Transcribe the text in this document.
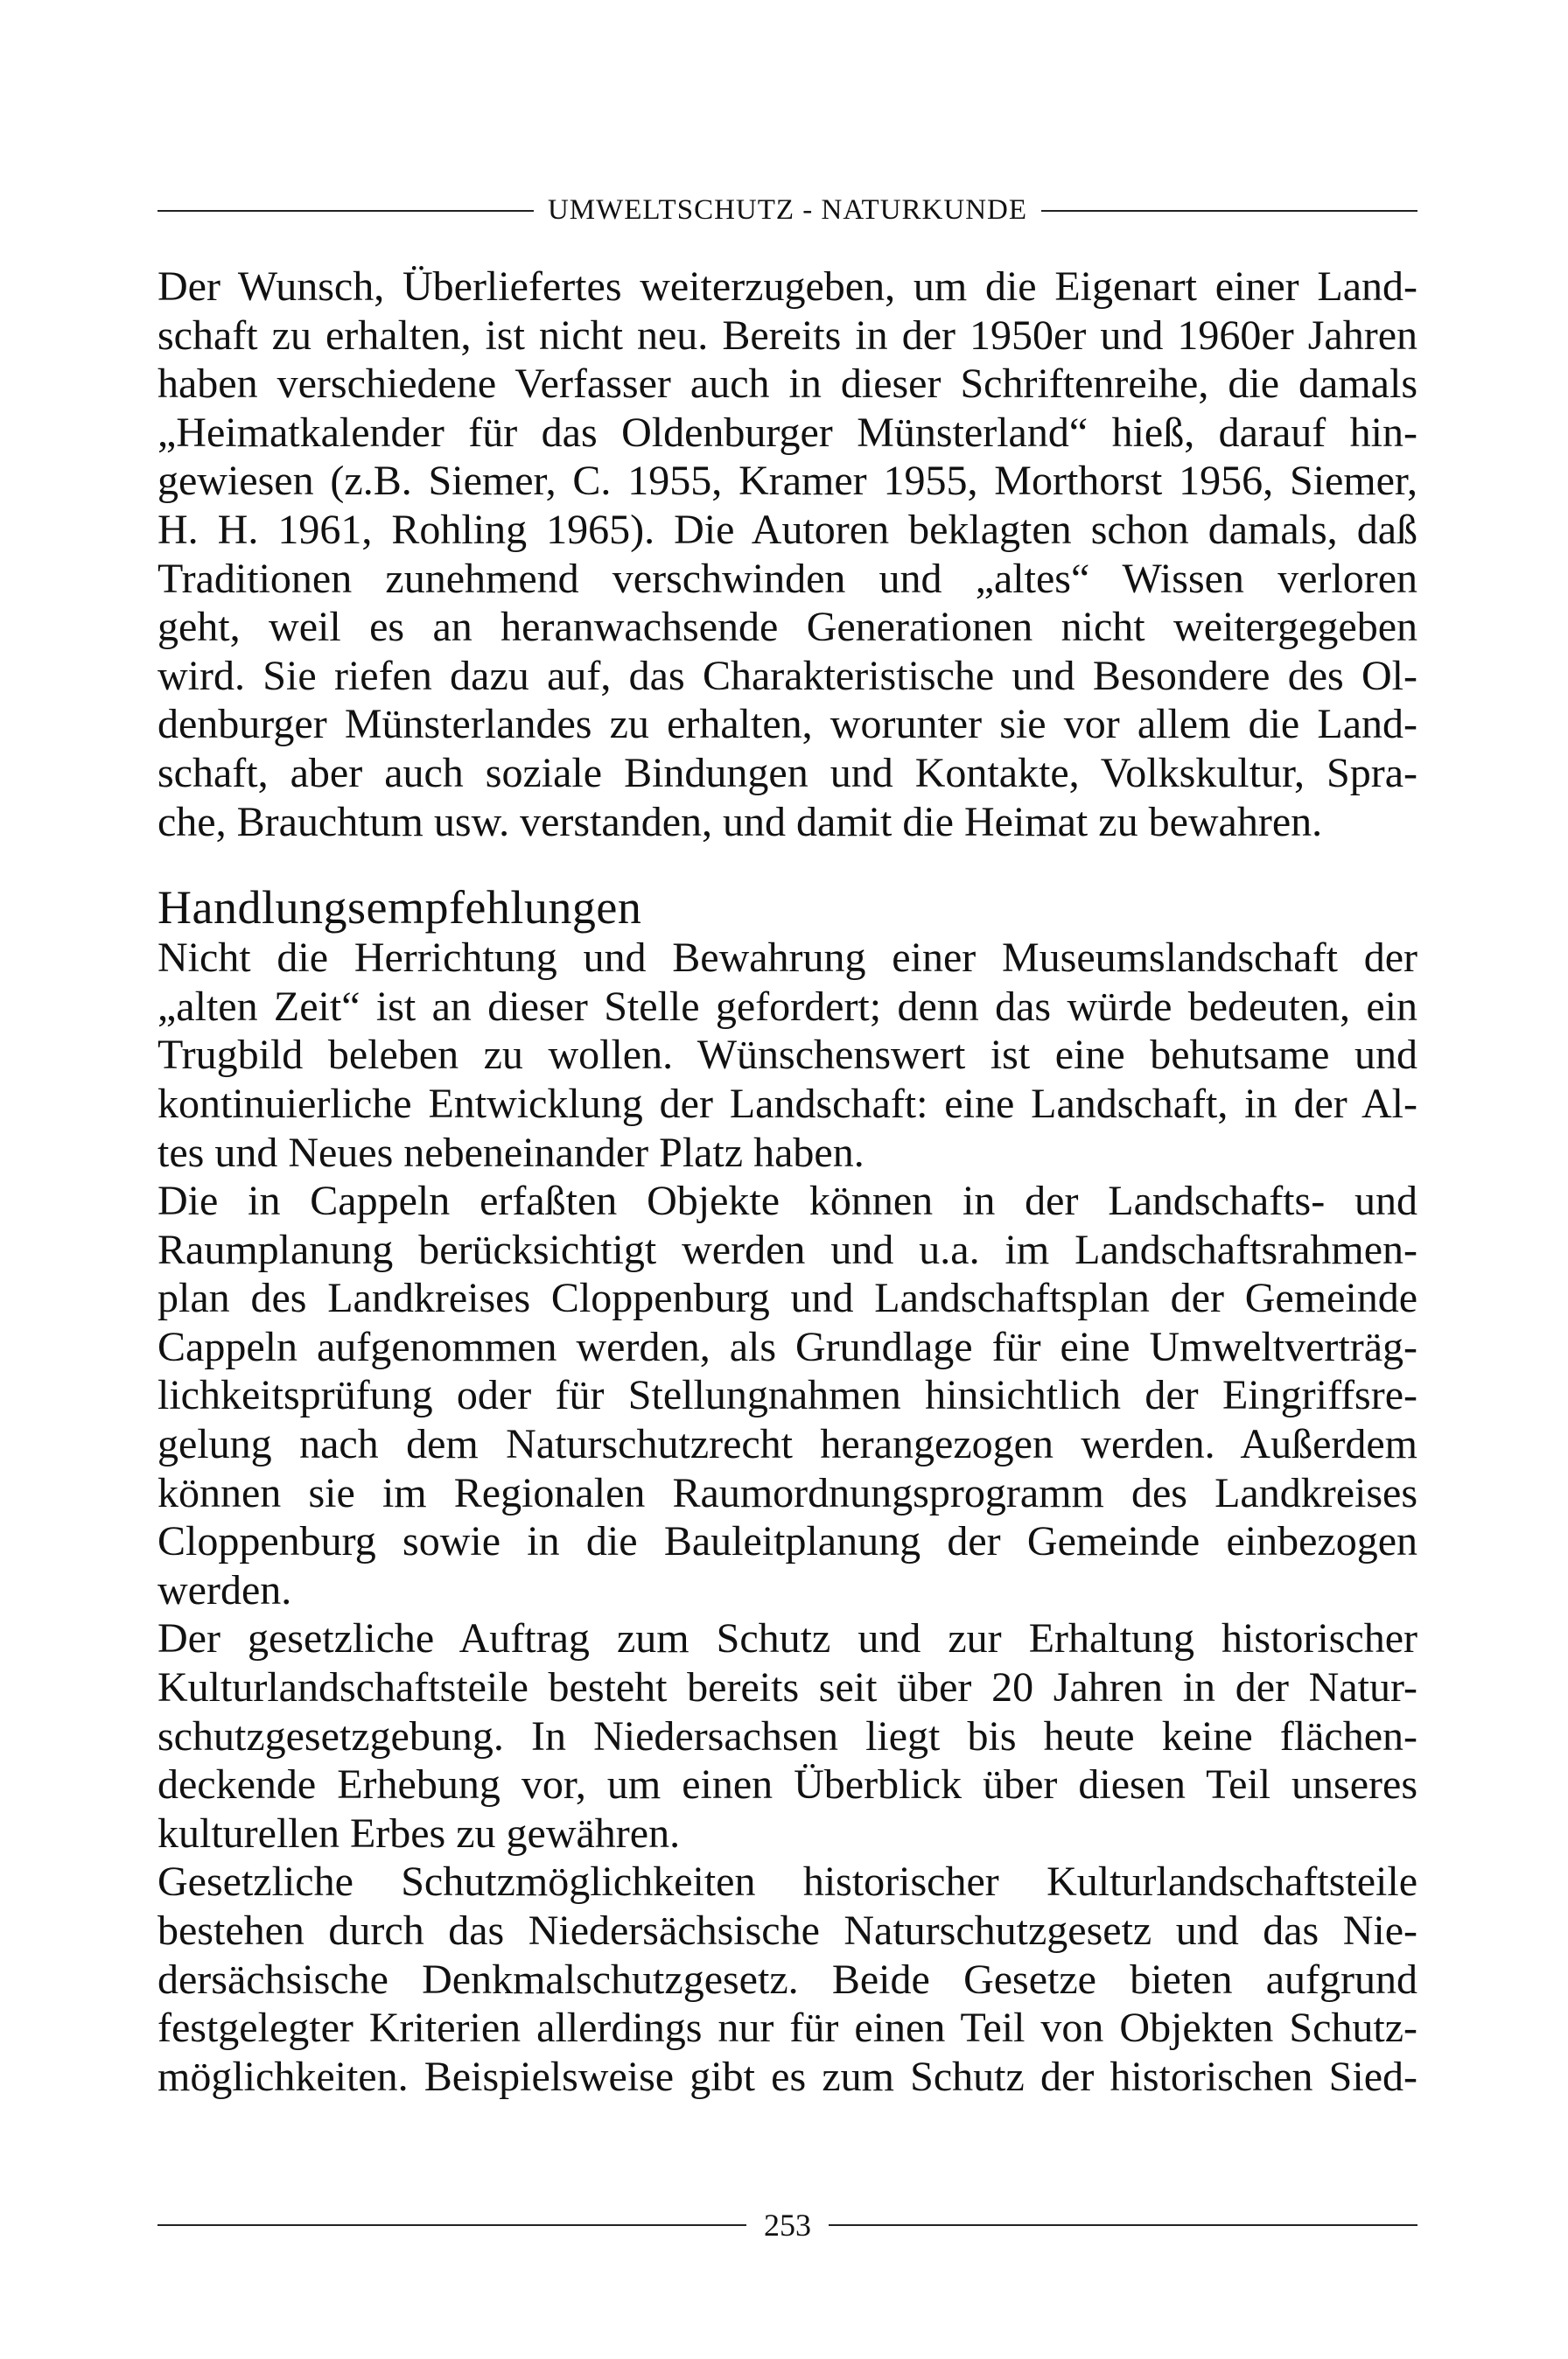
UMWELTSCHUTZ - NATURKUNDE
Der Wunsch, Überliefertes weiterzugeben, um die Eigenart einer Land-
schaft zu erhalten, ist nicht neu. Bereits in der 1950er und 1960er Jahren
haben verschiedene Verfasser auch in dieser Schriftenreihe, die damals
„Heimatkalender für das Oldenburger Münsterland“ hieß, darauf hin-
gewiesen (z.B. Siemer, C. 1955, Kramer 1955, Morthorst 1956, Siemer,
H. H. 1961, Rohling 1965). Die Autoren beklagten schon damals, daß
Traditionen zunehmend verschwinden und „altes“ Wissen verloren
geht, weil es an heranwachsende Generationen nicht weitergegeben
wird. Sie riefen dazu auf, das Charakteristische und Besondere des Ol-
denburger Münsterlandes zu erhalten, worunter sie vor allem die Land-
schaft, aber auch soziale Bindungen und Kontakte, Volkskultur, Spra-
che, Brauchtum usw. verstanden, und damit die Heimat zu bewahren.
Handlungsempfehlungen
Nicht die Herrichtung und Bewahrung einer Museumslandschaft der
„alten Zeit“ ist an dieser Stelle gefordert; denn das würde bedeuten, ein
Trugbild beleben zu wollen. Wünschenswert ist eine behutsame und
kontinuierliche Entwicklung der Landschaft: eine Landschaft, in der Al-
tes und Neues nebeneinander Platz haben.
Die in Cappeln erfaßten Objekte können in der Landschafts- und
Raumplanung berücksichtigt werden und u.a. im Landschaftsrahmen-
plan des Landkreises Cloppenburg und Landschaftsplan der Gemeinde
Cappeln aufgenommen werden, als Grundlage für eine Umweltverträg-
lichkeitsprüfung oder für Stellungnahmen hinsichtlich der Eingriffsre-
gelung nach dem Naturschutzrecht herangezogen werden. Außerdem
können sie im Regionalen Raumordnungsprogramm des Landkreises
Cloppenburg sowie in die Bauleitplanung der Gemeinde einbezogen
werden.
Der gesetzliche Auftrag zum Schutz und zur Erhaltung historischer
Kulturlandschaftsteile besteht bereits seit über 20 Jahren in der Natur-
schutzgesetzgebung. In Niedersachsen liegt bis heute keine flächen-
deckende Erhebung vor, um einen Überblick über diesen Teil unseres
kulturellen Erbes zu gewähren.
Gesetzliche Schutzmöglichkeiten historischer Kulturlandschaftsteile
bestehen durch das Niedersächsische Naturschutzgesetz und das Nie-
dersächsische Denkmalschutzgesetz. Beide Gesetze bieten aufgrund
festgelegter Kriterien allerdings nur für einen Teil von Objekten Schutz-
möglichkeiten. Beispielsweise gibt es zum Schutz der historischen Sied-
253
